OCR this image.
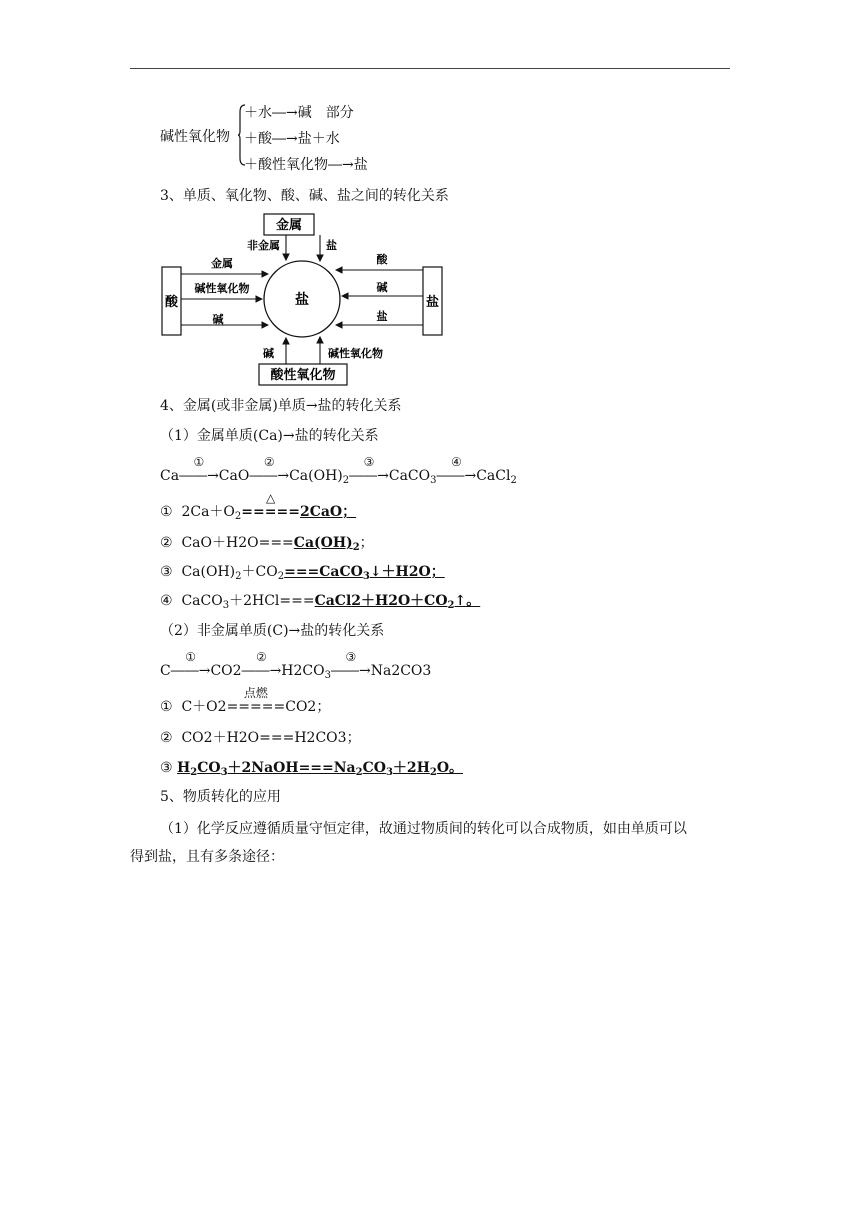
碱性氧化物
＋水―→碱　部分
＋酸―→盐＋水
＋酸性氧化物―→盐
3、单质、氧化物、酸、碱、盐之间的转化关系
金属
酸性氧化物
酸	盐
盐
非金属	盐
金属
碱性氧化物
碱
酸
碱
盐
碱	碱性氧化物
4、金属(或非金属)单质→盐的转化关系
（1）金属单质(Ca)→盐的转化关系
Ca
①
――→CaO
②
$――\to Ca(OH)_2$
③
――→CaCO$_3$
④
――→CaCl$_2$
① $2Ca+O_2$
△
=====2CaO；
② $CaO+H2O===Ca(OH)_2$；
③ $Ca(OH)_2+CO_2===CaCO_3↓+H2O$；
④ $CaCO_3+2HCl===CaCl2+H2O+CO_2↑$。
（2）非金属单质(C)→盐的转化关系
C
①
――→CO2
②
$――\to H2CO_3$
③
――→Na2CO3
① C＋O2
点燃
=====CO2；
② CO2＋H2O===H2CO3；
③ $H_2CO_3+2NaOH===Na_2CO_3+2H_2O$。
5、物质转化的应用
（1）化学反应遵循质量守恒定律，故通过物质间的转化可以合成物质，如由单质可以
得到盐，且有多条途径：
